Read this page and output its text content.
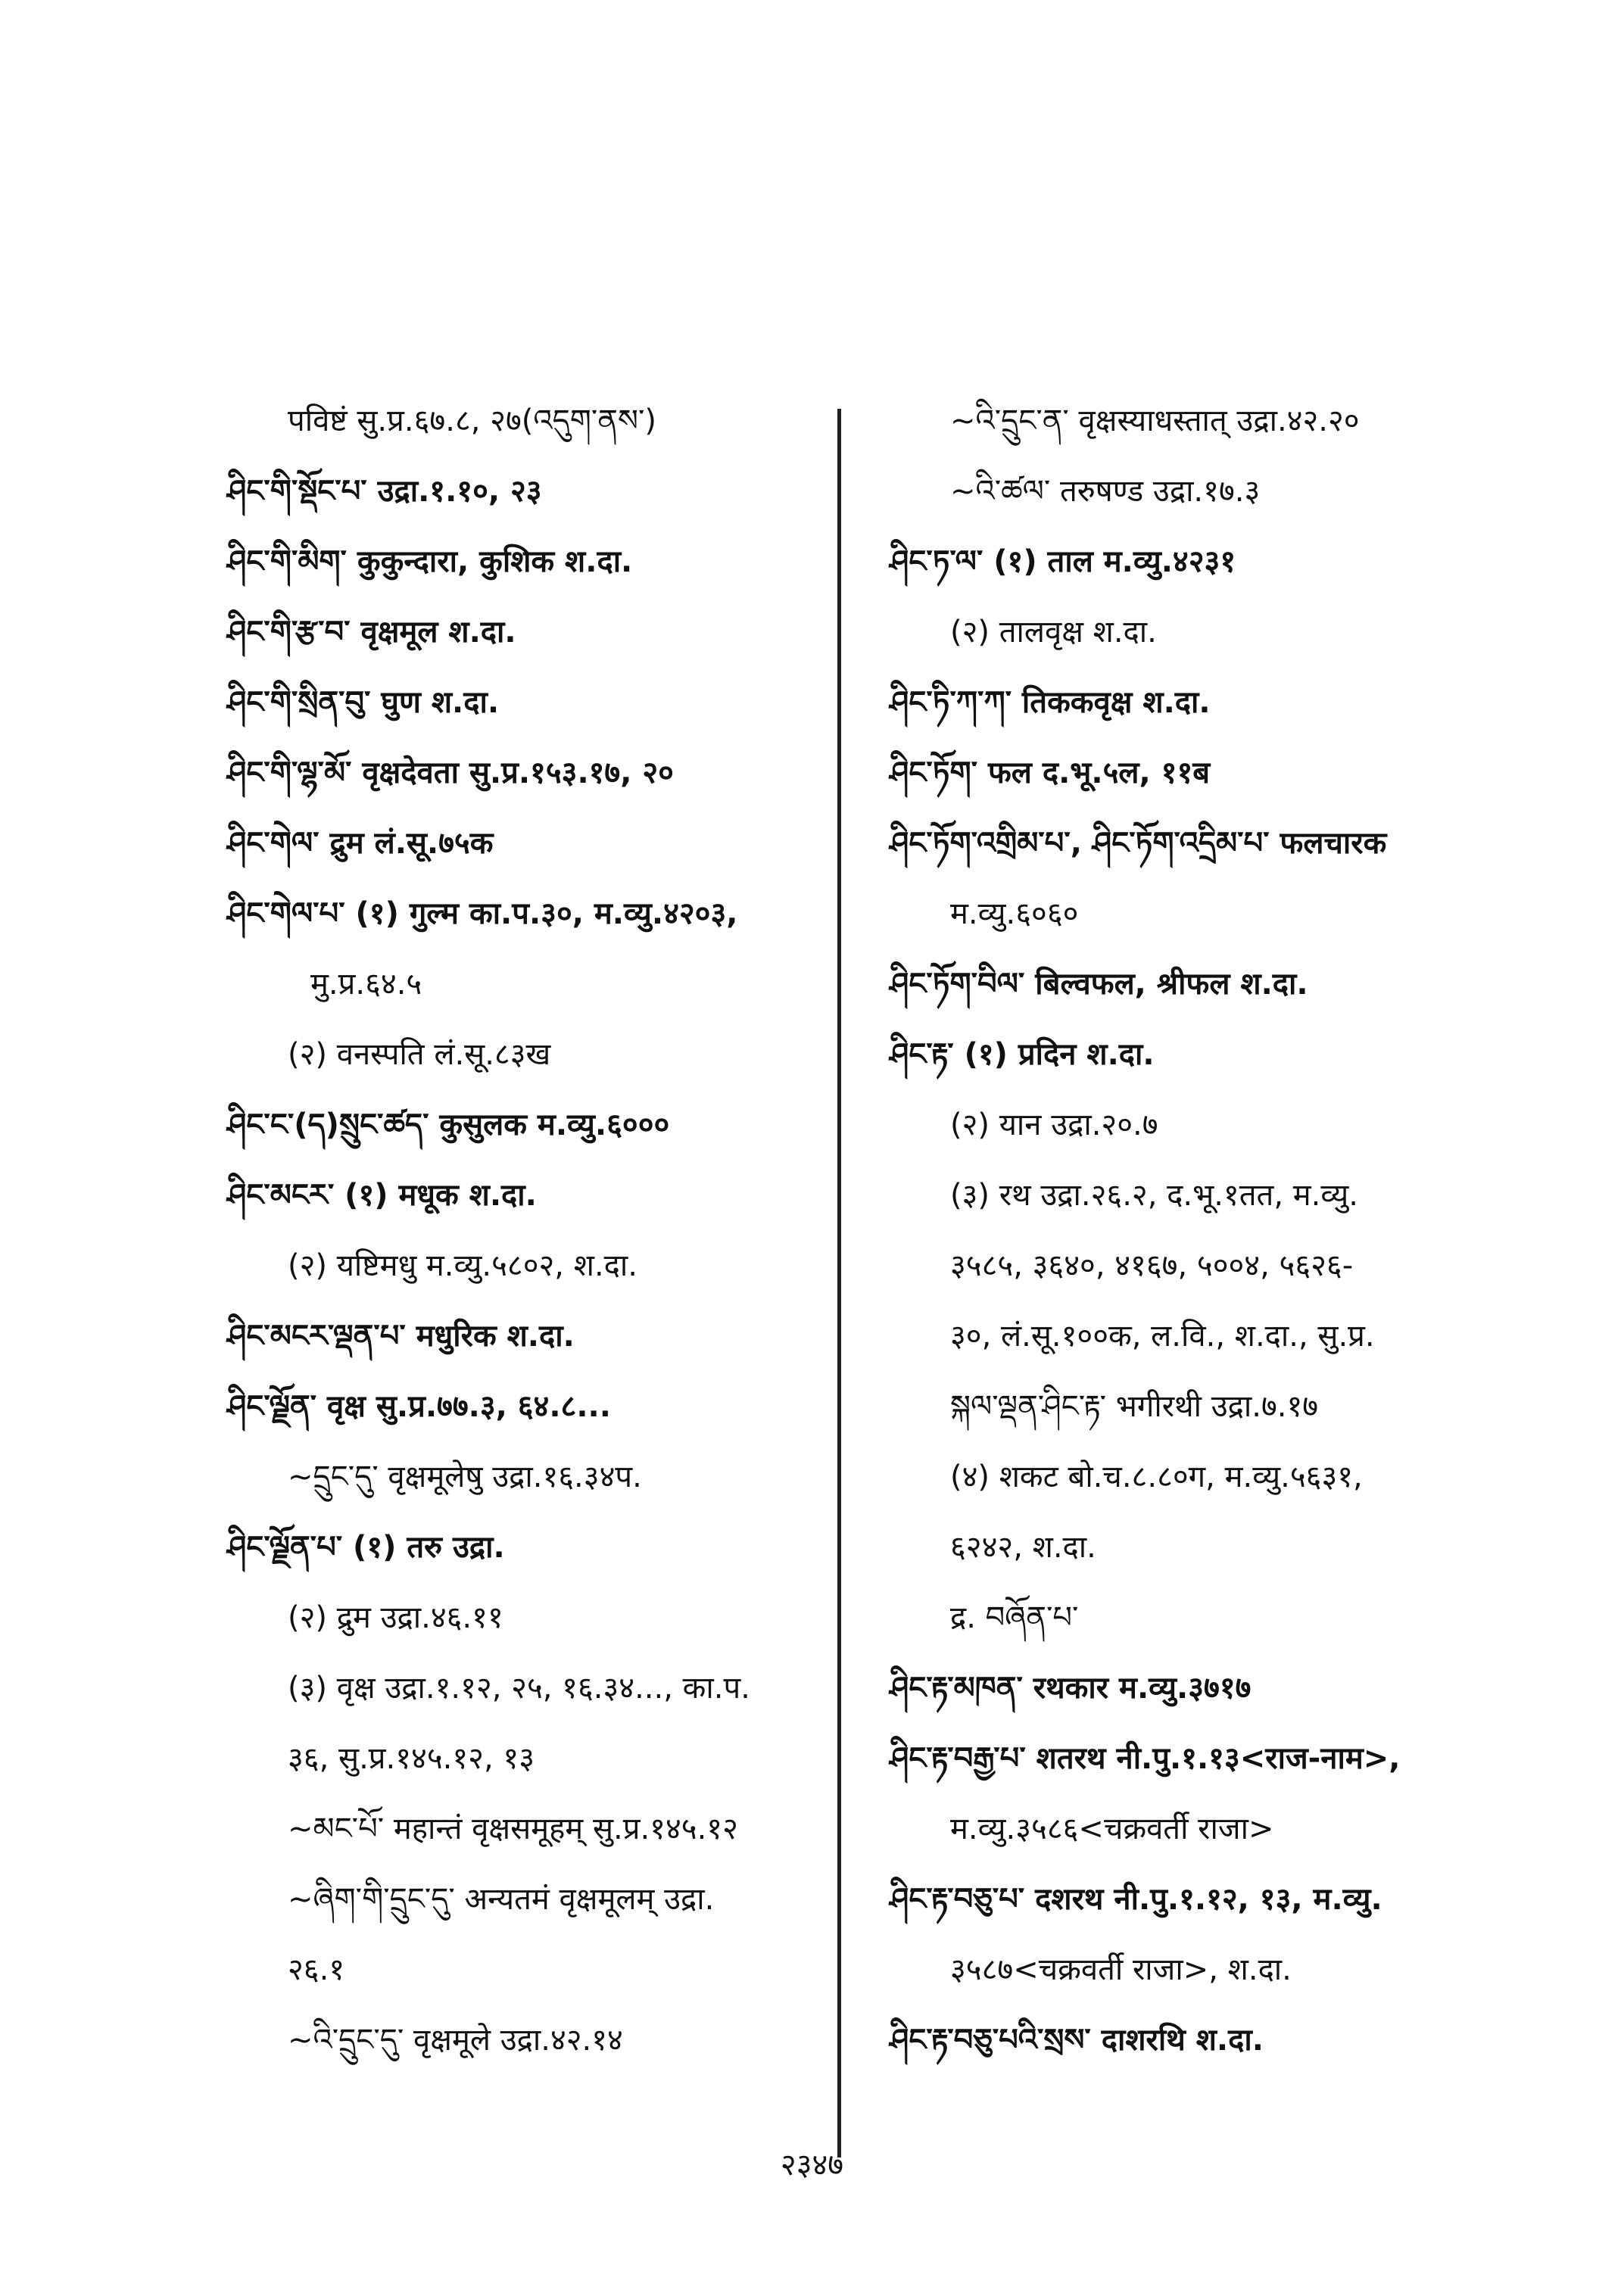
पविष्टं सु.प्र.६७.८, २७(འདུག་ནས་)
ཤིང་གི་སྡོང་པ་ उद्रा.१.१०, २३
ཤིང་གི་མིག་ कुकुन्दारा, कुशिक श.दा.
ཤིང་གི་རྩ་བ་ वृक्षमूल श.दा.
ཤིང་གི་སྲིན་བུ་ घुण श.दा.
ཤིང་གི་ལྷ་མོ་ वृक्षदेवता सु.प्र.१५३.१७, २०
ཤིང་གེལ་ द्रुम लं.सू.७५क
ཤིང་གེལ་པ་ (१) गुल्म का.प.३०, म.व्यु.४२०३,
मु.प्र.६४.५
(२) वनस्पति लं.सू.८३ख
ཤིང་ང་(ད)སྲུང་ཚད་ कुसुलक म.व्यु.६०००
ཤིང་མངར་ (१) मधूक श.दा.
(२) यष्टिमधु म.व्यु.५८०२, श.दा.
ཤིང་མངར་ལྡན་པ་ मधुरिक श.दा.
ཤིང་ལྗོན་ वृक्ष सु.प्र.७७.३, ६४.८...
~དྲུང་དུ་ वृक्षमूलेषु उद्रा.१६.३४प.
ཤིང་ལྗོན་པ་ (१) तरु उद्रा.
(२) द्रुम उद्रा.४६.११
(३) वृक्ष उद्रा.१.१२, २५, १६.३४..., का.प.
३६, सु.प्र.१४५.१२, १३
~མང་པོ་ महान्तं वृक्षसमूहम् सु.प्र.१४५.१२
~ཞིག་གི་དྲུང་དུ་ अन्यतमं वृक्षमूलम् उद्रा.
२६.१
~འི་དྲུང་དུ་ वृक्षमूले उद्रा.४२.१४
~འི་དྲུང་ན་ वृक्षस्याधस्तात् उद्रा.४२.२०
~འི་ཚལ་ तरुषण्ड उद्रा.१७.३
ཤིང་ཏ་ལ་ (१) ताल म.व्यु.४२३१
(२) तालवृक्ष श.दा.
ཤིང་ཏི་ཀ་ཀ་ तिककवृक्ष श.दा.
ཤིང་ཏོག་ फल द.भू.५ल, ११ब
ཤིང་ཏོག་འགྲིམ་པ་, ཤིང་ཏོག་འདྲིམ་པ་ फलचारक
म.व्यु.६०६०
ཤིང་ཏོག་བིལ་ बिल्वफल, श्रीफल श.दा.
ཤིང་རྟ་ (१) प्रदिन श.दा.
(२) यान उद्रा.२०.७
(३) रथ उद्रा.२६.२, द.भू.१तत, म.व्यु.
३५८५, ३६४०, ४१६७, ५००४, ५६२६-
३०, लं.सू.१००क, ल.वि., श.दा., सु.प्र.
སྐལ་ལྡན་ཤིང་རྟ་ भगीरथी उद्रा.७.१७
(४) शकट बो.च.८.८०ग, म.व्यु.५६३१,
६२४२, श.दा.
द्र. བཞོན་པ་
ཤིང་རྟ་མཁན་ रथकार म.व्यु.३७१७
ཤིང་རྟ་བརྒྱ་པ་ शतरथ नी.पु.१.१३<राज-नाम>,
म.व्यु.३५८६<चक्रवर्ती राजा>
ཤིང་རྟ་བཅུ་པ་ दशरथ नी.पु.१.१२, १३, म.व्यु.
३५८७<चक्रवर्ती राजा>, श.दा.
ཤིང་རྟ་བཅུ་པའི་སྲས་ दाशरथि श.दा.
२३४७
